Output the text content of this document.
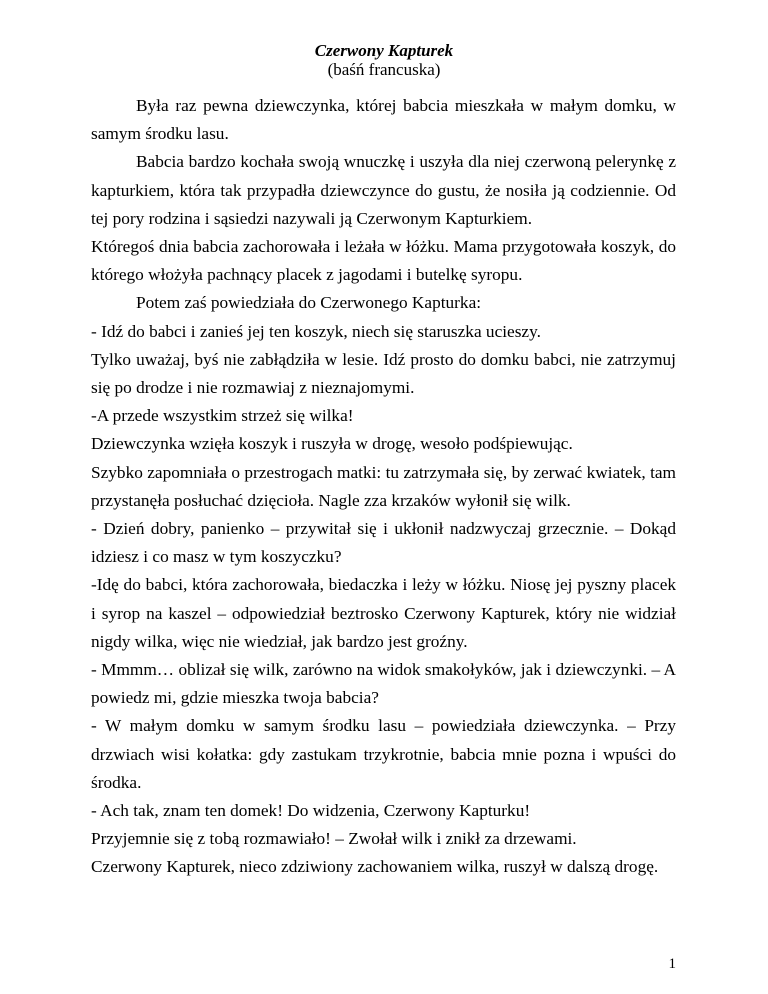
Czerwony Kapturek
(baśń francuska)

Była raz pewna dziewczynka, której babcia mieszkała w małym domku, w samym środku lasu.

Babcia bardzo kochała swoją wnuczkę i uszyła dla niej czerwoną pelerynkę z kapturkiem, która tak przypadła dziewczynce do gustu, że nosiła ją codziennie. Od tej pory rodzina i sąsiedzi nazywali ją Czerwonym Kapturkiem.

Któregoś dnia babcia zachorowała i leżała w łóżku. Mama przygotowała koszyk, do którego włożyła pachnący placek z jagodami i butelkę syropu.

Potem zaś powiedziała do Czerwonego Kapturka:

- Idź do babci i zanieś jej ten koszyk, niech się staruszka ucieszy.

Tylko uważaj, byś nie zabłądziła w lesie. Idź prosto do domku babci, nie zatrzymuj się po drodze i nie rozmawiaj z nieznajomymi.

-A przede wszystkim strzeż się wilka!

Dziewczynka wzięła koszyk i ruszyła w drogę, wesoło podśpiewując.

Szybko zapomniała o przestrogach matki: tu zatrzymała się, by zerwać kwiatek, tam przystanęła posłuchać dzięcioła. Nagle zza krzaków wyłonił się wilk.

- Dzień dobry, panienko – przywitał się i ukłonił nadzwyczaj grzecznie. – Dokąd idziesz i co masz w tym koszyczku?

-Idę do babci, która zachorowała, biedaczka i leży w łóżku. Niosę jej pyszny placek i syrop na kaszel – odpowiedział beztrosko Czerwony Kapturek, który nie widział nigdy wilka, więc nie wiedział, jak bardzo jest groźny.

- Mmmm… oblizał się wilk, zarówno na widok smakołyków, jak i dziewczynki. – A powiedz mi, gdzie mieszka twoja babcia?

- W małym domku w samym środku lasu – powiedziała dziewczynka. – Przy drzwiach wisi kołatka: gdy zastukam trzykrotnie, babcia mnie pozna i wpuści do środka.

- Ach tak, znam ten domek! Do widzenia, Czerwony Kapturku!

Przyjemnie się z tobą rozmawiało! – Zwołał wilk i znikł za drzewami.

Czerwony Kapturek, nieco zdziwiony zachowaniem wilka, ruszył w dalszą drogę.

1
